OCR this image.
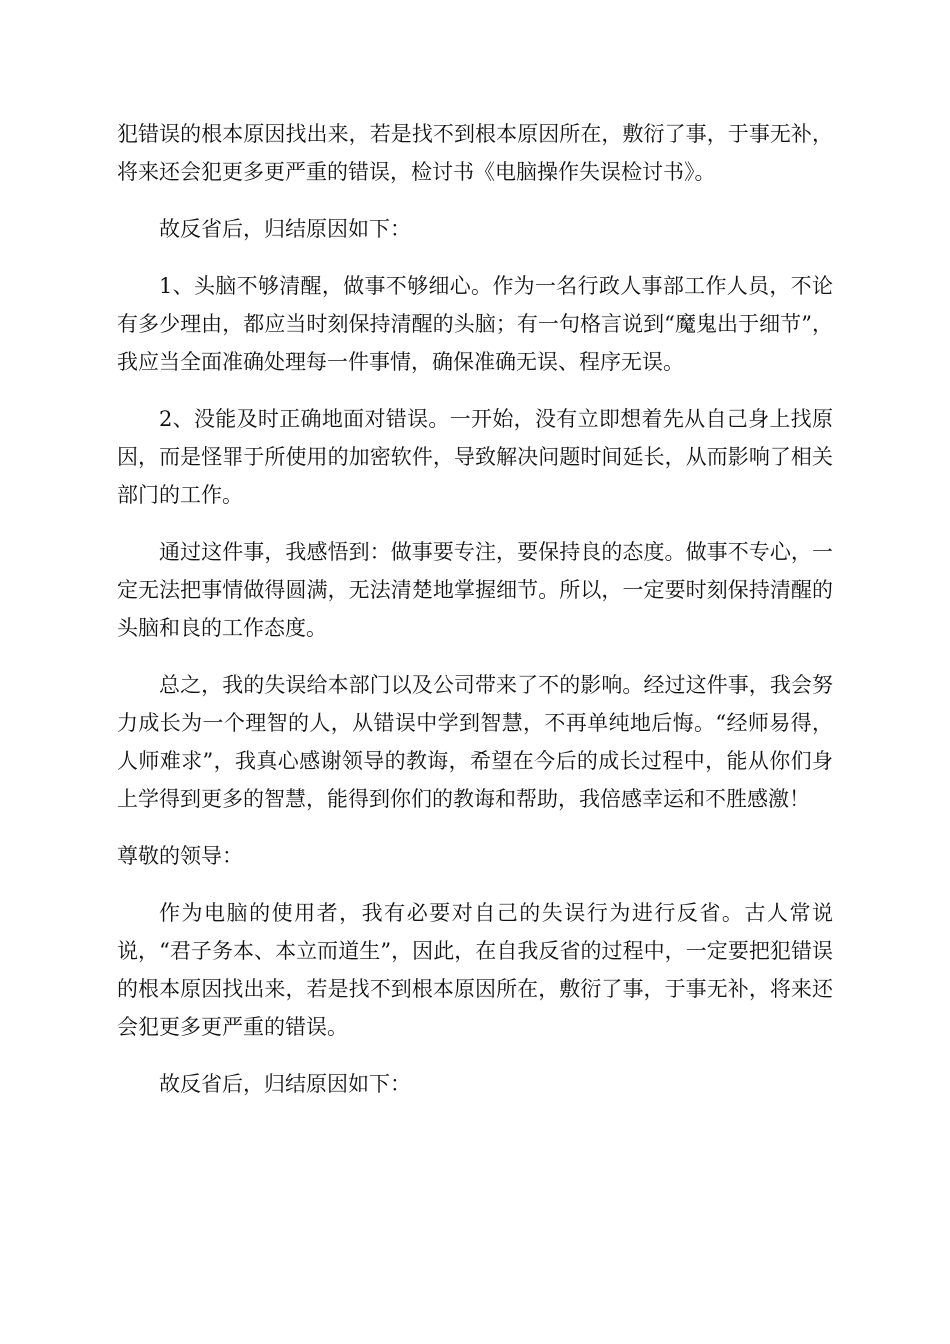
犯错误的根本原因找出来，若是找不到根本原因所在，敷衍了事，于事无补，将来还会犯更多更严重的错误，检讨书《电脑操作失误检讨书》。

故反省后，归结原因如下：

1、头脑不够清醒，做事不够细心。作为一名行政人事部工作人员，不论有多少理由，都应当时刻保持清醒的头脑；有一句格言说到“魔鬼出于细节”，我应当全面准确处理每一件事情，确保准确无误、程序无误。

2、没能及时正确地面对错误。一开始，没有立即想着先从自己身上找原因，而是怪罪于所使用的加密软件，导致解决问题时间延长，从而影响了相关部门的工作。

通过这件事，我感悟到：做事要专注，要保持良的态度。做事不专心，一定无法把事情做得圆满，无法清楚地掌握细节。所以，一定要时刻保持清醒的头脑和良的工作态度。

总之，我的失误给本部门以及公司带来了不的影响。经过这件事，我会努力成长为一个理智的人，从错误中学到智慧，不再单纯地后悔。“经师易得，人师难求”，我真心感谢领导的教诲，希望在今后的成长过程中，能从你们身上学得到更多的智慧，能得到你们的教诲和帮助，我倍感幸运和不胜感激！

尊敬的领导：

作为电脑的使用者，我有必要对自己的失误行为进行反省。古人常说说，“君子务本、本立而道生”，因此，在自我反省的过程中，一定要把犯错误的根本原因找出来，若是找不到根本原因所在，敷衍了事，于事无补，将来还会犯更多更严重的错误。

故反省后，归结原因如下：
